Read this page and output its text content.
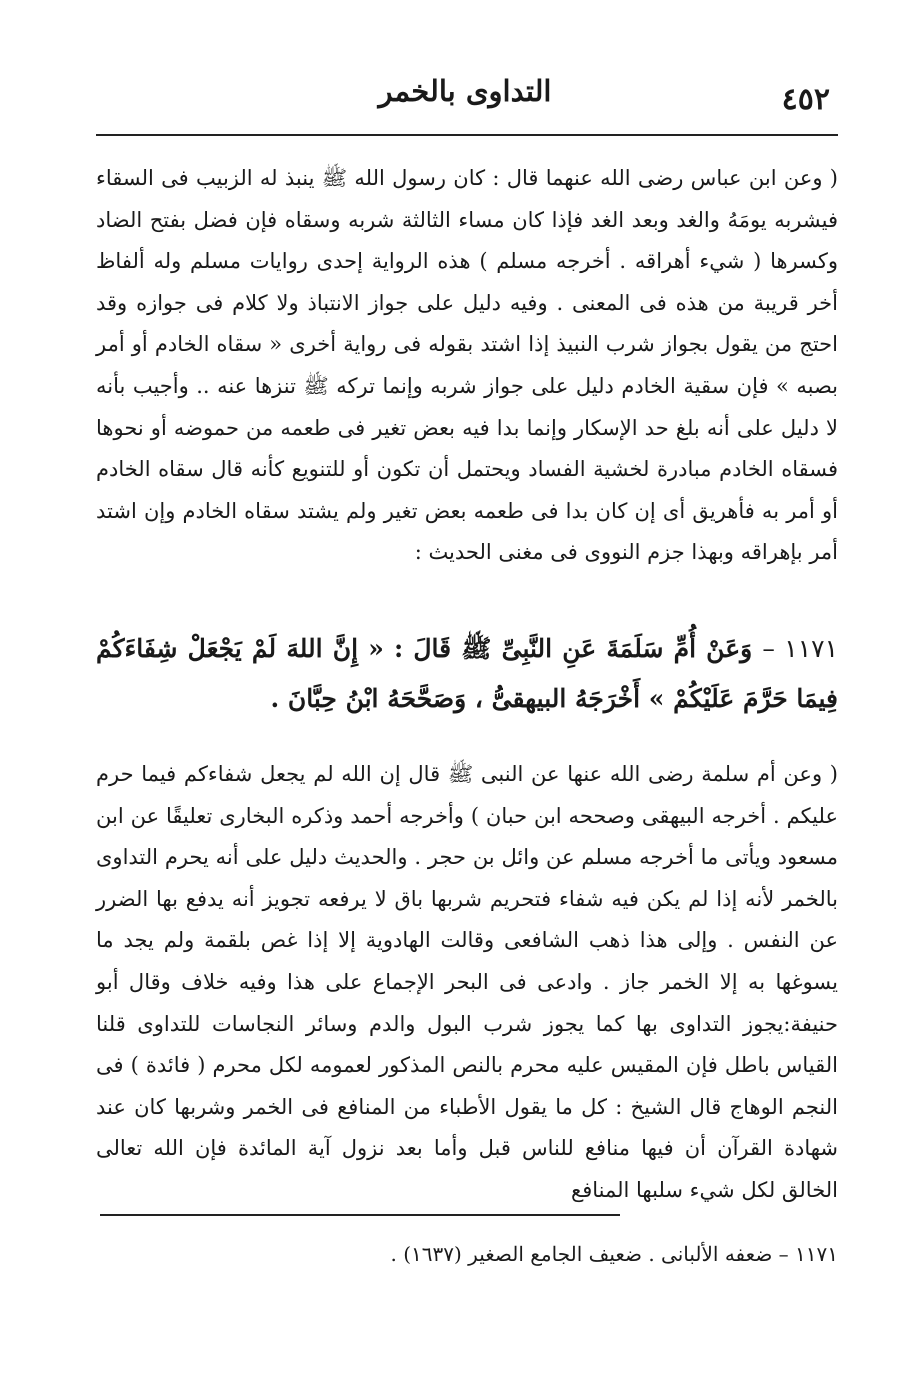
٤٥٢
التداوى بالخمر

( وعن ابن عباس رضى الله عنهما قال : كان رسول الله ﷺ ينبذ له الزبيب فى السقاء فيشربه يومَهُ والغد وبعد الغد فإذا كان مساء الثالثة شربه وسقاه فإن فضل بفتح الضاد وكسرها ( شيء أهراقه . أخرجه مسلم ) هذه الرواية إحدى روايات مسلم وله ألفاظ أخر قريبة من هذه فى المعنى . وفيه دليل على جواز الانتباذ ولا كلام فى جوازه وقد احتج من يقول بجواز شرب النبيذ إذا اشتد بقوله فى رواية أخرى « سقاه الخادم أو أمر بصبه » فإن سقية الخادم دليل على جواز شربه وإنما تركه ﷺ تنزها عنه .. وأجيب بأنه لا دليل على أنه بلغ حد الإسكار وإنما بدا فيه بعض تغير فى طعمه من حموضه أو نحوها فسقاه الخادم مبادرة لخشية الفساد ويحتمل أن تكون أو للتنويع كأنه قال سقاه الخادم أو أمر به فأهريق أى إن كان بدا فى طعمه بعض تغير ولم يشتد سقاه الخادم وإن اشتد أمر بإهراقه وبهذا جزم النووى فى مغنى الحديث :

١١٧١ – وَعَنْ أُمِّ سَلَمَةَ عَنِ النَّبِىِّ ﷺ قَالَ : « إِنَّ اللهَ لَمْ يَجْعَلْ شِفَاءَكُمْ فِيمَا حَرَّمَ عَلَيْكُمْ » أَخْرَجَهُ البيهقىُّ ، وَصَحَّحَهُ ابْنُ حِبَّانَ .

( وعن أم سلمة رضى الله عنها عن النبى ﷺ قال إن الله لم يجعل شفاءكم فيما حرم عليكم . أخرجه البيهقى وصححه ابن حبان ) وأخرجه أحمد وذكره البخارى تعليقًا عن ابن مسعود ويأتى ما أخرجه مسلم عن وائل بن حجر . والحديث دليل على أنه يحرم التداوى بالخمر لأنه إذا لم يكن فيه شفاء فتحريم شربها باق لا يرفعه تجويز أنه يدفع بها الضرر عن النفس . وإلى هذا ذهب الشافعى وقالت الهادوية إلا إذا غص بلقمة ولم يجد ما يسوغها به إلا الخمر جاز . وادعى فى البحر الإجماع على هذا وفيه خلاف وقال أبو حنيفة:يجوز التداوى بها كما يجوز شرب البول والدم وسائر النجاسات للتداوى قلنا القياس باطل فإن المقيس عليه محرم بالنص المذكور لعمومه لكل محرم ( فائدة ) فى النجم الوهاج قال الشيخ : كل ما يقول الأطباء من المنافع فى الخمر وشربها كان عند شهادة القرآن أن فيها منافع للناس قبل وأما بعد نزول آية المائدة فإن الله تعالى الخالق لكل شيء سلبها المنافع

١١٧١ – ضعفه الألبانى . ضعيف الجامع الصغير (١٦٣٧) .
